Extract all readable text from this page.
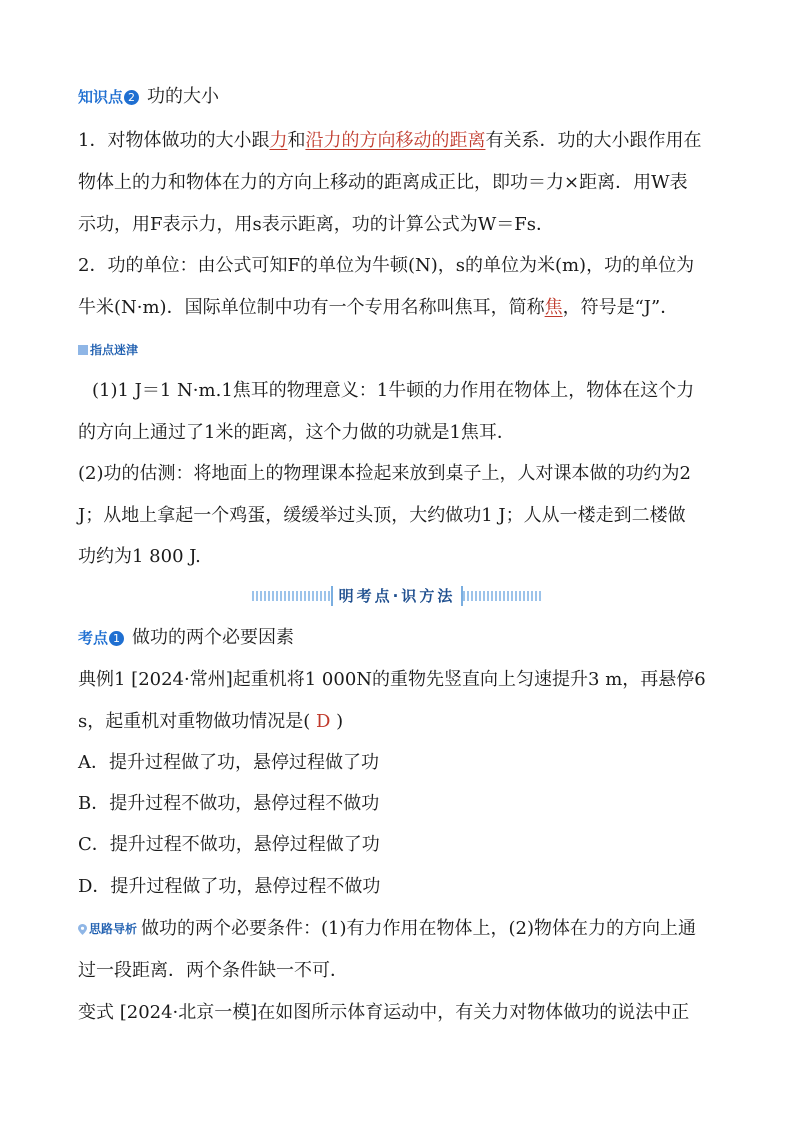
知识点 2 功的大小
1．对物体做功的大小跟力和沿力的方向移动的距离有关系．功的大小跟作用在
物体上的力和物体在力的方向上移动的距离成正比，即功＝力×距离．用W表
示功，用F表示力，用s表示距离，功的计算公式为W＝Fs．
2．功的单位：由公式可知F的单位为牛顿(N)，s的单位为米(m)，功的单位为
牛米(N·m)．国际单位制中功有一个专用名称叫焦耳，简称焦，符号是“J”．
指点迷津
(1)1 J＝1 N·m.1焦耳的物理意义：1牛顿的力作用在物体上，物体在这个力
的方向上通过了1米的距离，这个力做的功就是1焦耳．
(2)功的估测：将地面上的物理课本捡起来放到桌子上，人对课本做的功约为2
J；从地上拿起一个鸡蛋，缓缓举过头顶，大约做功1 J；人从一楼走到二楼做
功约为1 800 J.
明考点·识方法
考点 1 做功的两个必要因素
典例1 [2024·常州]起重机将1 000N的重物先竖直向上匀速提升3 m，再悬停6
s，起重机对重物做功情况是( D )
A．提升过程做了功，悬停过程做了功
B．提升过程不做功，悬停过程不做功
C．提升过程不做功，悬停过程做了功
D．提升过程做了功，悬停过程不做功
思路导析 做功的两个必要条件：(1)有力作用在物体上，(2)物体在力的方向上通
过一段距离．两个条件缺一不可．
变式 [2024·北京一模]在如图所示体育运动中，有关力对物体做功的说法中正
